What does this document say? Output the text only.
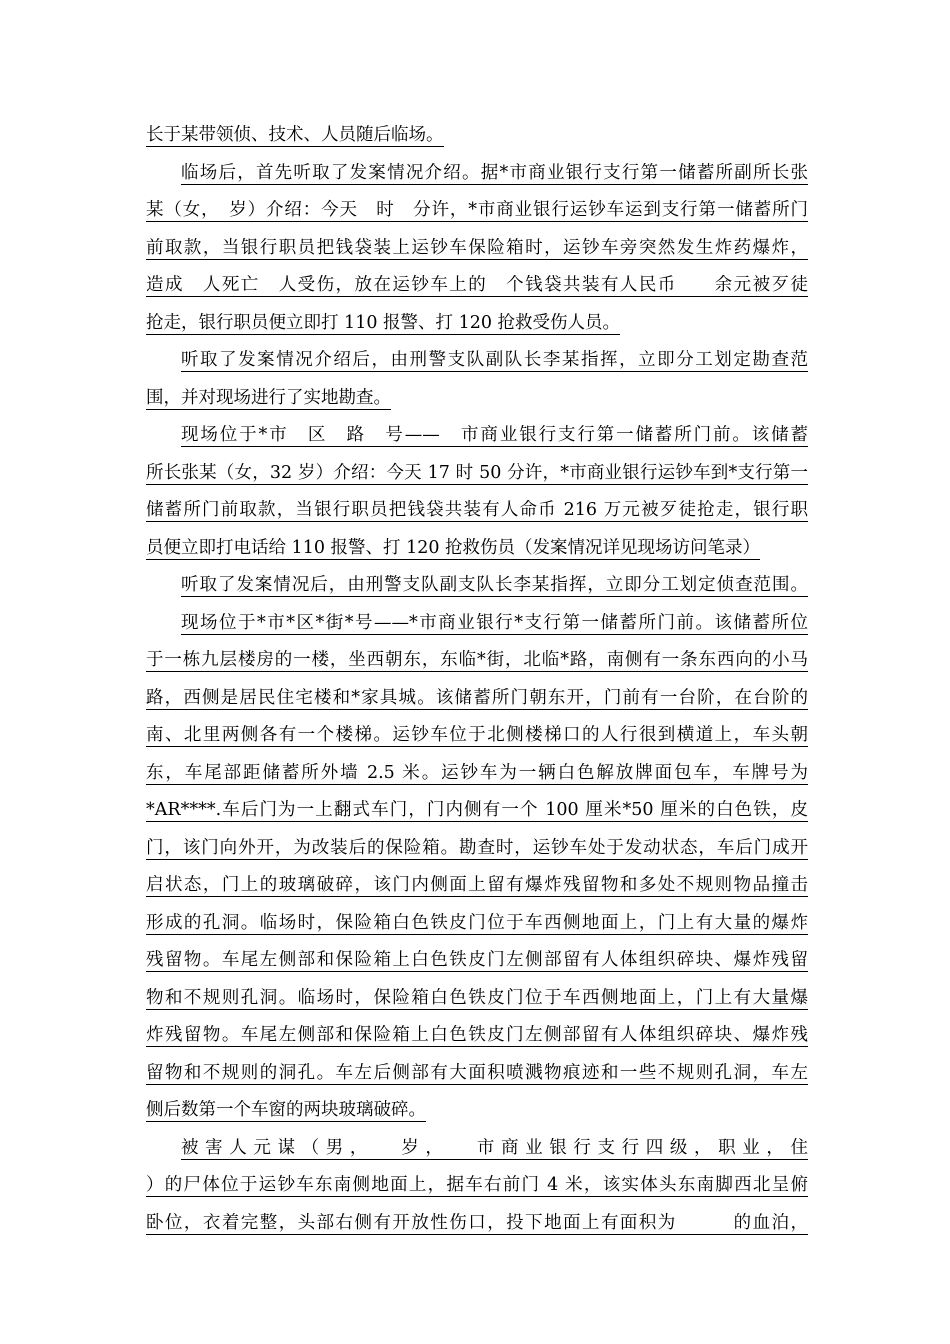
长于某带领侦、技术、人员随后临场。
临场后，首先听取了发案情况介绍。据*市商业银行支行第一储蓄所副所长张
某（女，　岁）介绍：今天　时　分许，*市商业银行运钞车运到支行第一储蓄所门
前取款，当银行职员把钱袋装上运钞车保险箱时，运钞车旁突然发生炸药爆炸，
造成　人死亡　人受伤，放在运钞车上的　个钱袋共装有人民币　　余元被歹徒
抢走，银行职员便立即打 110 报警、打 120 抢救受伤人员。
听取了发案情况介绍后，由刑警支队副队长李某指挥，立即分工划定勘查范
围，并对现场进行了实地勘查。
现场位于*市　区　路　号——　市商业银行支行第一储蓄所门前。该储蓄
所长张某（女，32 岁）介绍：今天 17 时 50 分许，*市商业银行运钞车到*支行第一
储蓄所门前取款，当银行职员把钱袋共装有人命币 216 万元被歹徒抢走，银行职
员便立即打电话给 110 报警、打 120 抢救伤员（发案情况详见现场访问笔录）
听取了发案情况后，由刑警支队副支队长李某指挥，立即分工划定侦查范围。
现场位于*市*区*街*号——*市商业银行*支行第一储蓄所门前。该储蓄所位
于一栋九层楼房的一楼，坐西朝东，东临*街，北临*路，南侧有一条东西向的小马
路，西侧是居民住宅楼和*家具城。该储蓄所门朝东开，门前有一台阶，在台阶的
南、北里两侧各有一个楼梯。运钞车位于北侧楼梯口的人行很到横道上，车头朝
东，车尾部距储蓄所外墙 2.5 米。运钞车为一辆白色解放牌面包车，车牌号为
*AR****.车后门为一上翻式车门，门内侧有一个 100 厘米*50 厘米的白色铁，皮
门，该门向外开，为改装后的保险箱。勘查时，运钞车处于发动状态，车后门成开
启状态，门上的玻璃破碎，该门内侧面上留有爆炸残留物和多处不规则物品撞击
形成的孔洞。临场时，保险箱白色铁皮门位于车西侧地面上，门上有大量的爆炸
残留物。车尾左侧部和保险箱上白色铁皮门左侧部留有人体组织碎块、爆炸残留
物和不规则孔洞。临场时，保险箱白色铁皮门位于车西侧地面上，门上有大量爆
炸残留物。车尾左侧部和保险箱上白色铁皮门左侧部留有人体组织碎块、爆炸残
留物和不规则的洞孔。车左后侧部有大面积喷溅物痕迹和一些不规则孔洞，车左
侧后数第一个车窗的两块玻璃破碎。
被 害 人 元 谋 （ 男 ，　　 岁 ，　　 市 商 业 银 行 支 行 四 级 ， 职 业 ， 住
）的尸体位于运钞车东南侧地面上，据车右前门 4 米，该实体头东南脚西北呈俯
卧位，衣着完整，头部右侧有开放性伤口，投下地面上有面积为　　　的血泊，
